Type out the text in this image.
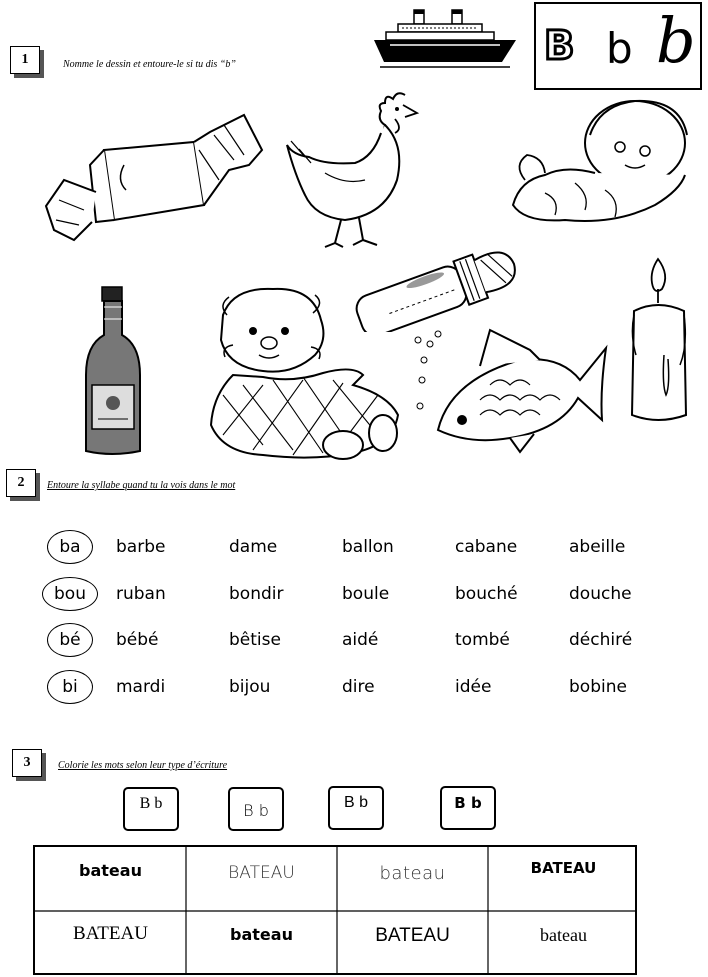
B b b
1	Nomme le dessin et entoure-le si tu dis “b”
2	Entoure la syllabe quand tu la vois dans le mot
ba	barbe	dame	ballon	cabane	abeille
bou	ruban	bondir	boule	bouché	douche
bé	bébé	bêtise	aidé	tombé	déchiré
bi	mardi	bijou	dire	idée	bobine
3	Colorie les mots selon leur type d’écriture
B b	B b	B b	B b
bateau	BATEAU	bateau	BATEAU
BATEAU	bateau	BATEAU	bateau
